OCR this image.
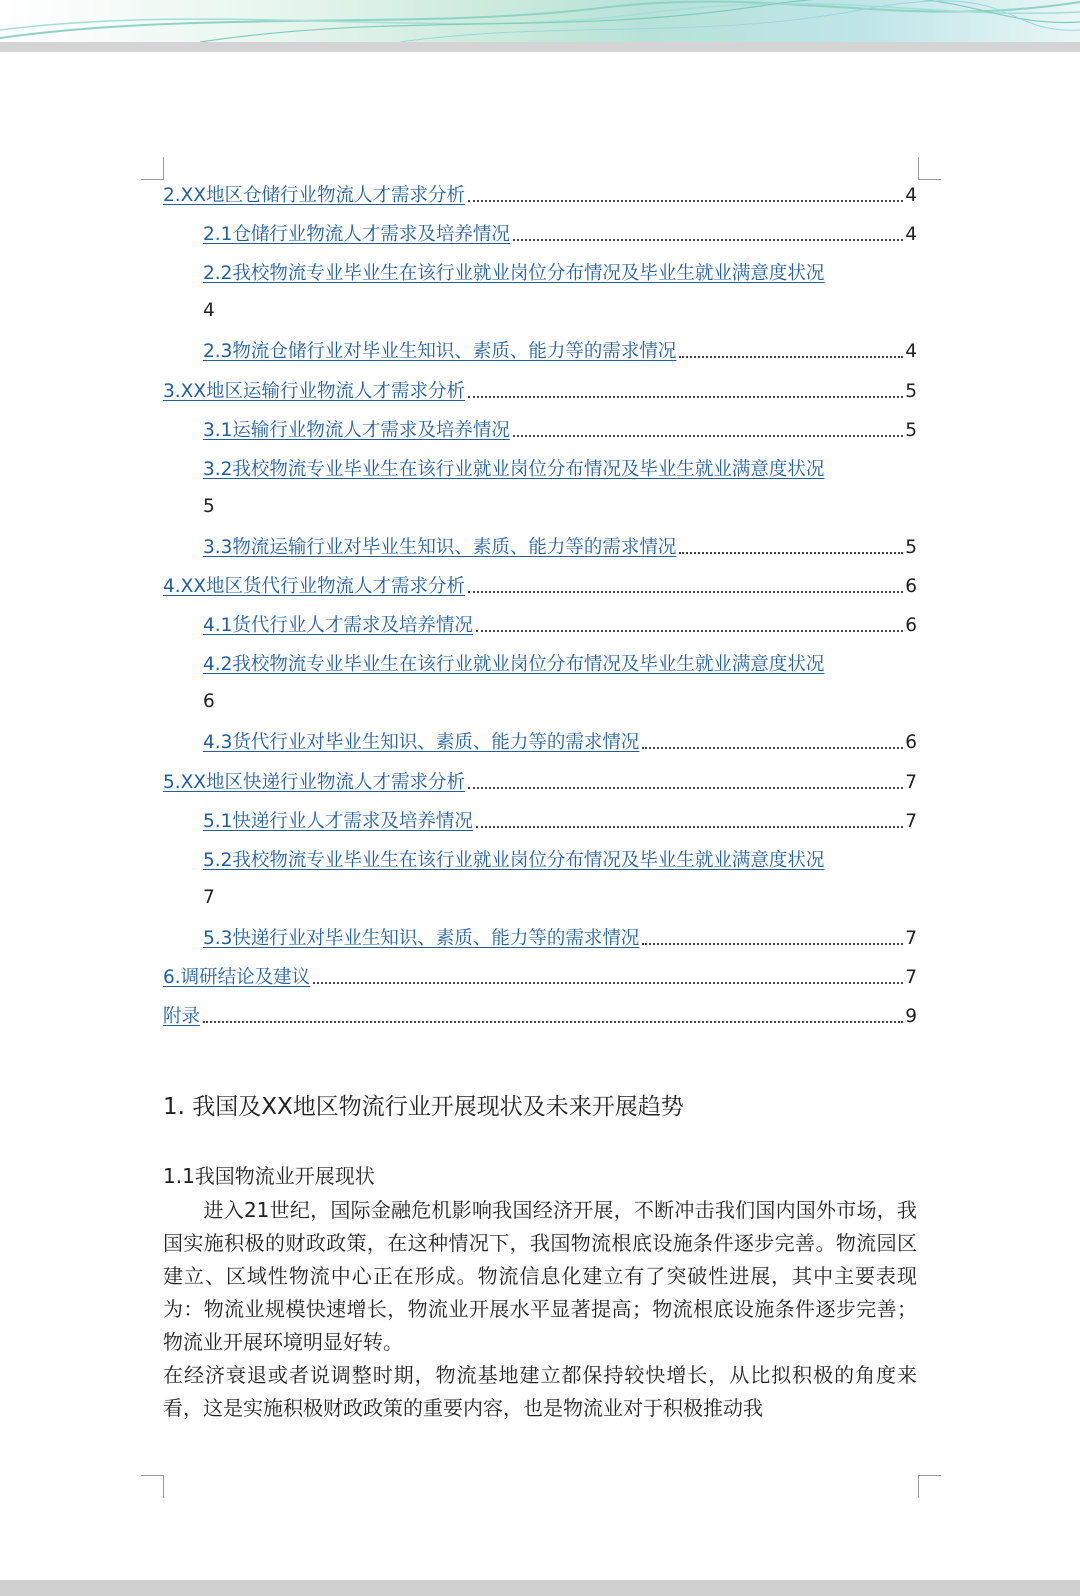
2.XX地区仓储行业物流人才需求分析	4
2.1仓储行业物流人才需求及培养情况	4
2.2我校物流专业毕业生在该行业就业岗位分布情况及毕业生就业满意度状况
4
2.3物流仓储行业对毕业生知识、素质、能力等的需求情况	4
3.XX地区运输行业物流人才需求分析	5
3.1运输行业物流人才需求及培养情况	5
3.2我校物流专业毕业生在该行业就业岗位分布情况及毕业生就业满意度状况
5
3.3物流运输行业对毕业生知识、素质、能力等的需求情况	5
4.XX地区货代行业物流人才需求分析	6
4.1货代行业人才需求及培养情况	6
4.2我校物流专业毕业生在该行业就业岗位分布情况及毕业生就业满意度状况
6
4.3货代行业对毕业生知识、素质、能力等的需求情况	6
5.XX地区快递行业物流人才需求分析	7
5.1快递行业人才需求及培养情况	7
5.2我校物流专业毕业生在该行业就业岗位分布情况及毕业生就业满意度状况
7
5.3快递行业对毕业生知识、素质、能力等的需求情况	7
6.调研结论及建议	7
附录	9
1. 我国及XX地区物流行业开展现状及未来开展趋势
1.1我国物流业开展现状

　　进入21世纪，国际金融危机影响我国经济开展，不断冲击我们国内国外市场，我国实施积极的财政政策，在这种情况下，我国物流根底设施条件逐步完善。物流园区建立、区域性物流中心正在形成。物流信息化建立有了突破性进展，其中主要表现为：物流业规模快速增长，物流业开展水平显著提高；物流根底设施条件逐步完善；物流业开展环境明显好转。

在经济衰退或者说调整时期，物流基地建立都保持较快增长，从比拟积极的角度来看，这是实施积极财政政策的重要内容，也是物流业对于积极推动我
